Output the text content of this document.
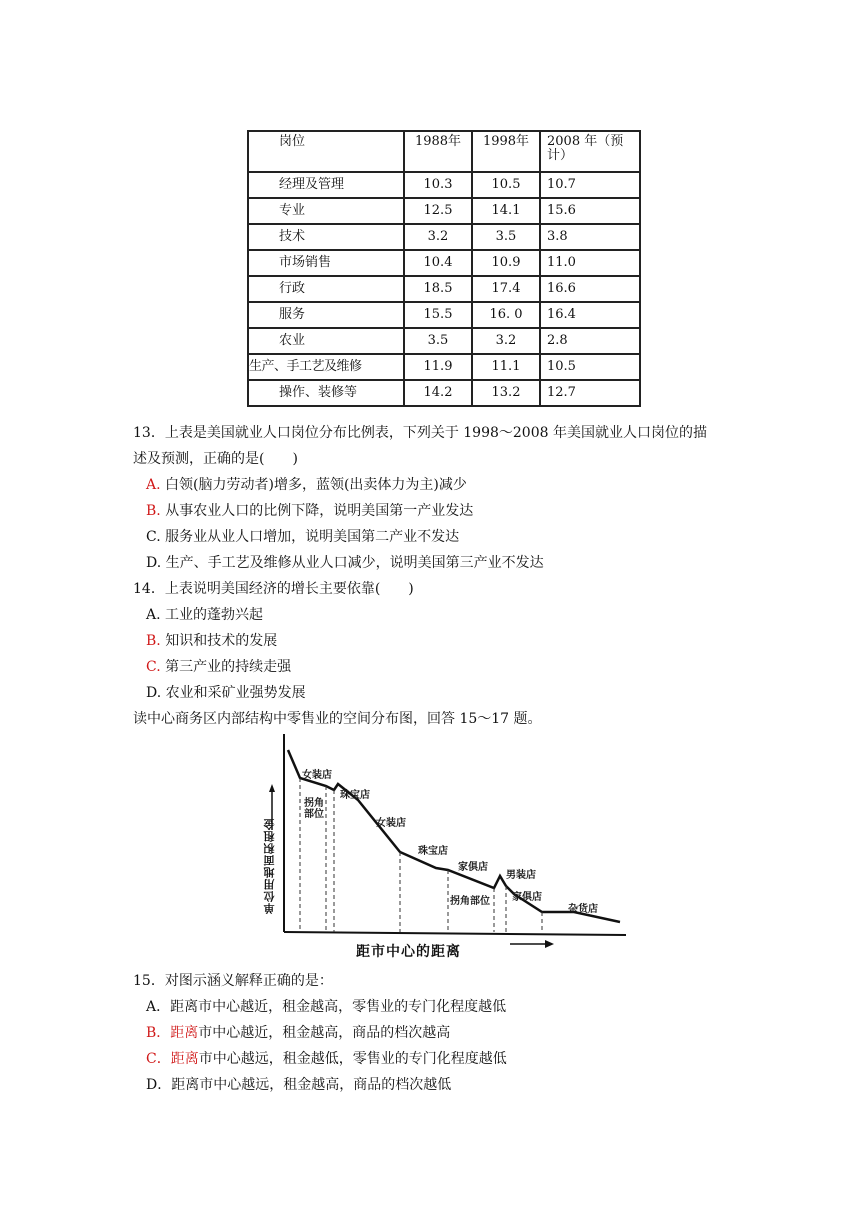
岗位	1988年	1998年	2008 年（预计）
经理及管理	10.3	10.5	10.7
专业	12.5	14.1	15.6
技术	3.2	3.5	3.8
市场销售	10.4	10.9	11.0
行政	18.5	17.4	16.6
服务	15.5	16. 0	16.4
农业	3.5	3.2	2.8
生产、手工艺及维修	11.9	11.1	10.5
操作、装修等	14.2	13.2	12.7
13．上表是美国就业人口岗位分布比例表，下列关于 1998～2008 年美国就业人口岗位的描
述及预测，正确的是(　　)
A. 白领(脑力劳动者)增多，蓝领(出卖体力为主)减少
B. 从事农业人口的比例下降，说明美国第一产业发达
C. 服务业从业人口增加，说明美国第二产业不发达
D. 生产、手工艺及维修从业人口减少，说明美国第三产业不发达
14．上表说明美国经济的增长主要依靠(　　)
A. 工业的蓬勃兴起
B. 知识和技术的发展
C. 第三产业的持续走强
D. 农业和采矿业强势发展
读中心商务区内部结构中零售业的空间分布图，回答 15～17 题。
单位用地面积租金
距市中心的距离
女装店
拐角部位
珠宝店
女装店
珠宝店
家俱店
拐角部位
男装店
家俱店
杂货店
15．对图示涵义解释正确的是：
A．距离市中心越近，租金越高，零售业的专门化程度越低
B．距离市中心越近，租金越高，商品的档次越高
C．距离市中心越远，租金越低，零售业的专门化程度越低
D．距离市中心越远，租金越高，商品的档次越低
